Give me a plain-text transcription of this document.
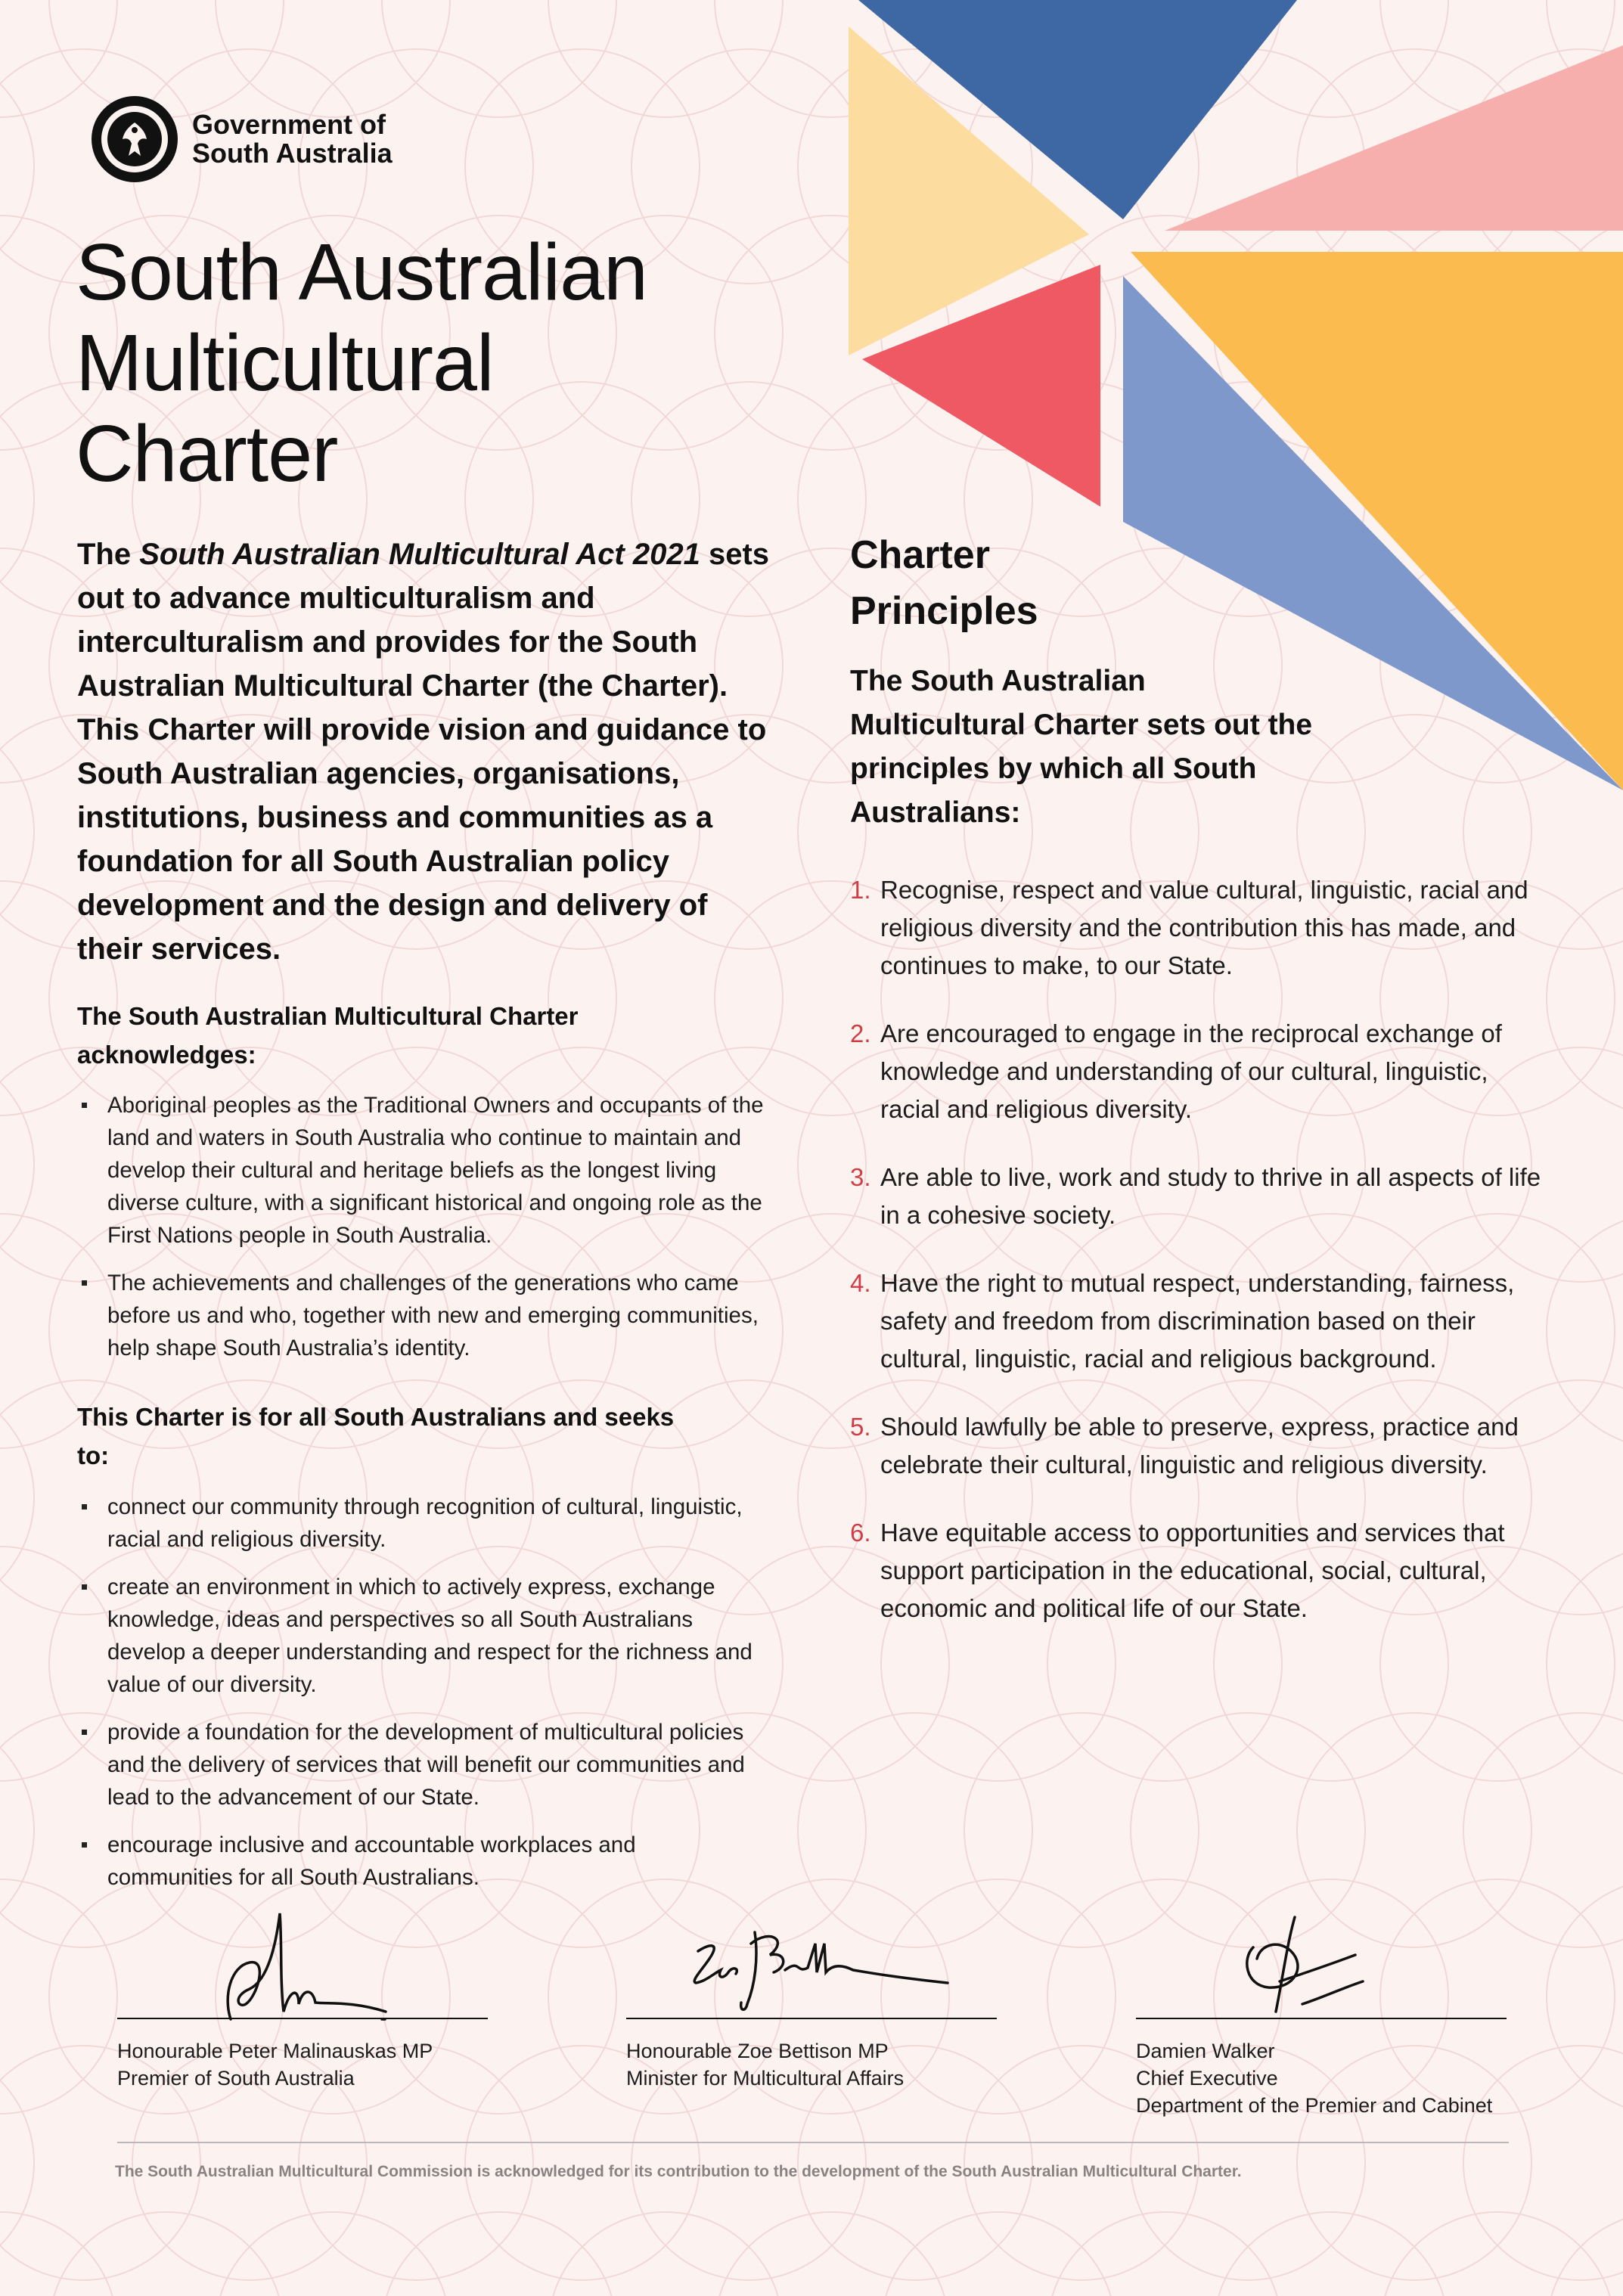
Government of
South Australia
South Australian
Multicultural
Charter

The South Australian Multicultural Act 2021 sets out to advance multiculturalism and interculturalism and provides for the South Australian Multicultural Charter (the Charter). This Charter will provide vision and guidance to South Australian agencies, organisations, institutions, business and communities as a foundation for all South Australian policy development and the design and delivery of their services.

The South Australian Multicultural Charter acknowledges:
Aboriginal peoples as the Traditional Owners and occupants of the land and waters in South Australia who continue to maintain and develop their cultural and heritage beliefs as the longest living diverse culture, with a significant historical and ongoing role as the First Nations people in South Australia.
The achievements and challenges of the generations who came before us and who, together with new and emerging communities, help shape South Australia’s identity.
This Charter is for all South Australians and seeks to:
connect our community through recognition of cultural, linguistic, racial and religious diversity.
create an environment in which to actively express, exchange knowledge, ideas and perspectives so all South Australians develop a deeper understanding and respect for the richness and value of our diversity.
provide a foundation for the development of multicultural policies and the delivery of services that will benefit our communities and lead to the advancement of our State.
encourage inclusive and accountable workplaces and communities for all South Australians.
Charter
Principles

The South Australian Multicultural Charter sets out the principles by which all South Australians:

1. Recognise, respect and value cultural, linguistic, racial and religious diversity and the contribution this has made, and continues to make, to our State.
2. Are encouraged to engage in the reciprocal exchange of knowledge and understanding of our cultural, linguistic, racial and religious diversity.
3. Are able to live, work and study to thrive in all aspects of life in a cohesive society.
4. Have the right to mutual respect, understanding, fairness, safety and freedom from discrimination based on their cultural, linguistic, racial and religious background.
5. Should lawfully be able to preserve, express, practice and celebrate their cultural, linguistic and religious diversity.
6. Have equitable access to opportunities and services that support participation in the educational, social, cultural, economic and political life of our State.
Honourable Peter Malinauskas MP
Premier of South Australia
Honourable Zoe Bettison MP
Minister for Multicultural Affairs
Damien Walker
Chief Executive
Department of the Premier and Cabinet

The South Australian Multicultural Commission is acknowledged for its contribution to the development of the South Australian Multicultural Charter.
